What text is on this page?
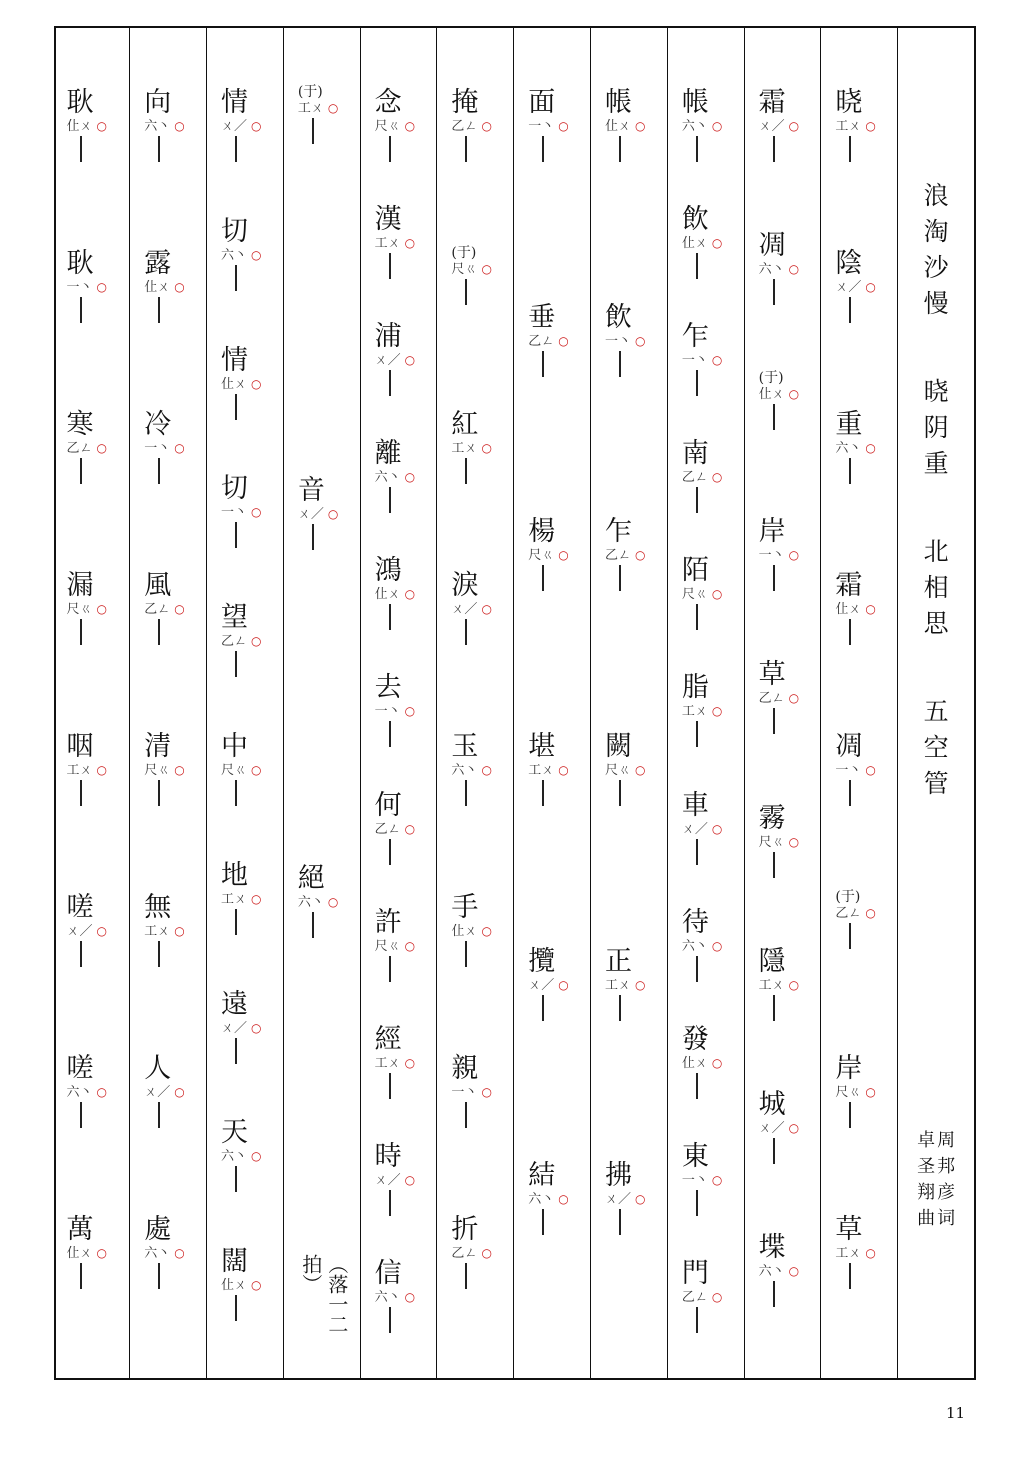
浪
淘
沙
慢
晓
阴
重
北
相
思
五
空
管
周
邦
彦
词
卓
圣
翔
曲
晓
工ㄨ ○
陰
ㄨ／ ○
重
六丶 ○
霜
仩ㄨ ○
凋
一丶 ○
(于)
乙ㄥ ○
岸
尺ㄍ ○
草
工ㄨ ○
霜
ㄨ／ ○
凋
六丶 ○
(于)
仩ㄨ ○
岸
一丶 ○
草
乙ㄥ ○
霧
尺ㄍ ○
隱
工ㄨ ○
城
ㄨ／ ○
堞
六丶 ○
帳
六丶 ○
飲
仩ㄨ ○
乍
一丶 ○
南
乙ㄥ ○
陌
尺ㄍ ○
脂
工ㄨ ○
車
ㄨ／ ○
待
六丶 ○
發
仩ㄨ ○
東
一丶 ○
門
乙ㄥ ○
帳
仩ㄨ ○
飲
一丶 ○
乍
乙ㄥ ○
闕
尺ㄍ ○
正
工ㄨ ○
拂
ㄨ／ ○
面
一丶 ○
垂
乙ㄥ ○
楊
尺ㄍ ○
堪
工ㄨ ○
攬
ㄨ／ ○
結
六丶 ○
掩
乙ㄥ ○
(于)
尺ㄍ ○
紅
工ㄨ ○
淚
ㄨ／ ○
玉
六丶 ○
手
仩ㄨ ○
親
一丶 ○
折
乙ㄥ ○
念
尺ㄍ ○
漢
工ㄨ ○
浦
ㄨ／ ○
離
六丶 ○
鴻
仩ㄨ ○
去
一丶 ○
何
乙ㄥ ○
許
尺ㄍ ○
經
工ㄨ ○
時
ㄨ／ ○
信
六丶 ○
(于)
工ㄨ ○
音
ㄨ／ ○
絕
六丶 ○
（落一二拍）
情
ㄨ／ ○
切
六丶 ○
情
仩ㄨ ○
切
一丶 ○
望
乙ㄥ ○
中
尺ㄍ ○
地
工ㄨ ○
遠
ㄨ／ ○
天
六丶 ○
闊
仩ㄨ ○
向
六丶 ○
露
仩ㄨ ○
冷
一丶 ○
風
乙ㄥ ○
清
尺ㄍ ○
無
工ㄨ ○
人
ㄨ／ ○
處
六丶 ○
耿
仩ㄨ ○
耿
一丶 ○
寒
乙ㄥ ○
漏
尺ㄍ ○
咽
工ㄨ ○
嗟
ㄨ／ ○
嗟
六丶 ○
萬
仩ㄨ ○
11
